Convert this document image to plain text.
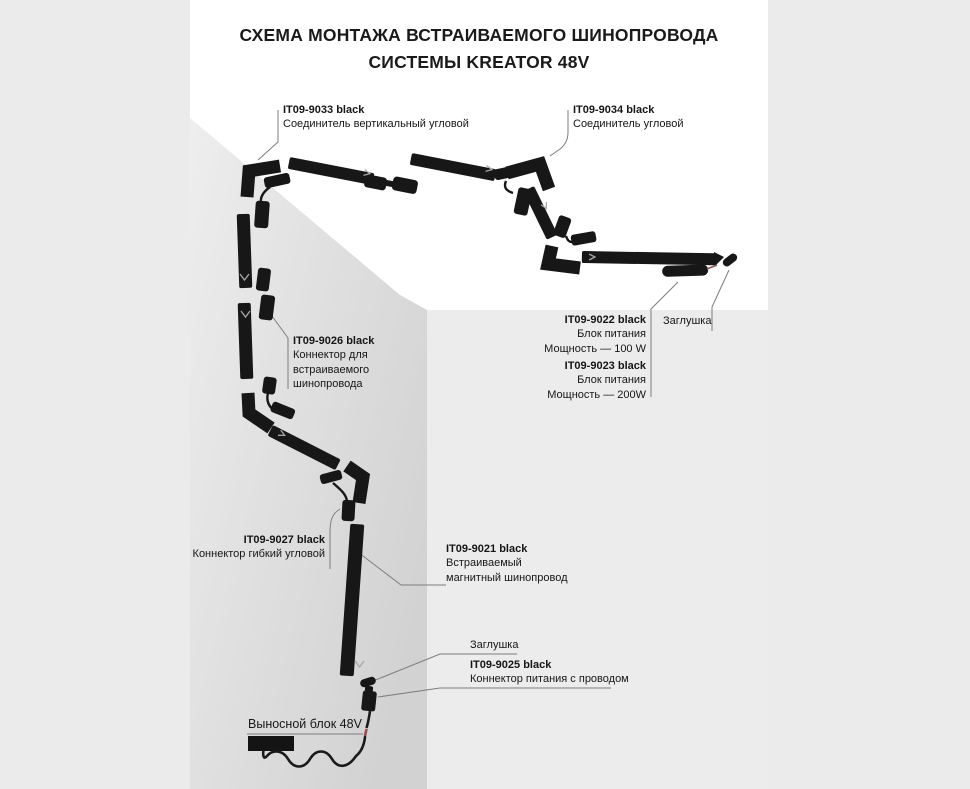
СХЕМА МОНТАЖА ВСТРАИВАЕМОГО ШИНОПРОВОДА
СИСТЕМЫ KREATOR 48V
IT09-9033 black
Соединитель вертикальный угловой
IT09-9034 black
Соединитель угловой
IT09-9026 black
Коннектор для
встраиваемого
шинопровода
IT09-9022 black
Блок питания
Мощность — 100 W
IT09-9023 black
Блок питания
Мощность — 200W
Заглушка
IT09-9027 black
Коннектор гибкий угловой	IT09-9021 black
Встраиваемый
магнитный шинопровод
Заглушка
IT09-9025 black
Коннектор питания с проводом
Выносной блок 48V
